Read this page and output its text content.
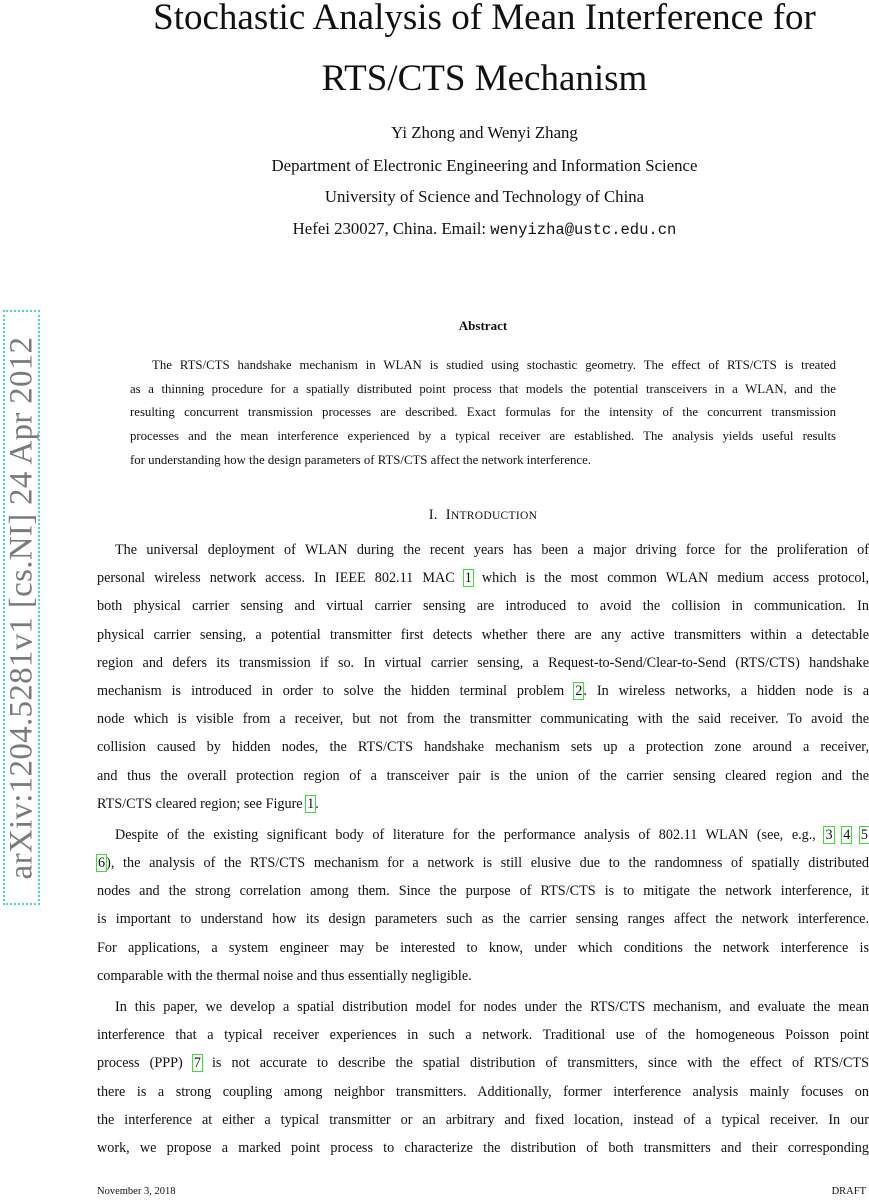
Stochastic Analysis of Mean Interference for
RTS/CTS Mechanism
Yi Zhong and Wenyi Zhang
Department of Electronic Engineering and Information Science
University of Science and Technology of China
Hefei 230027, China. Email: wenyizha@ustc.edu.cn
arXiv:1204.5281v1 [cs.NI] 24 Apr 2012
Abstract
The RTS/CTS handshake mechanism in WLAN is studied using stochastic geometry. The effect of RTS/CTS is treated
as a thinning procedure for a spatially distributed point process that models the potential transceivers in a WLAN, and the
resulting concurrent transmission processes are described. Exact formulas for the intensity of the concurrent transmission
processes and the mean interference experienced by a typical receiver are established. The analysis yields useful results
for understanding how the design parameters of RTS/CTS affect the network interference.
I. INTRODUCTION
The universal deployment of WLAN during the recent years has been a major driving force for the proliferation of
personal wireless network access. In IEEE 802.11 MAC 1 which is the most common WLAN medium access protocol,
both physical carrier sensing and virtual carrier sensing are introduced to avoid the collision in communication. In
physical carrier sensing, a potential transmitter first detects whether there are any active transmitters within a detectable
region and defers its transmission if so. In virtual carrier sensing, a Request-to-Send/Clear-to-Send (RTS/CTS) handshake
mechanism is introduced in order to solve the hidden terminal problem 2. In wireless networks, a hidden node is a
node which is visible from a receiver, but not from the transmitter communicating with the said receiver. To avoid the
collision caused by hidden nodes, the RTS/CTS handshake mechanism sets up a protection zone around a receiver,
and thus the overall protection region of a transceiver pair is the union of the carrier sensing cleared region and the
RTS/CTS cleared region; see Figure 1.
Despite of the existing significant body of literature for the performance analysis of 802.11 WLAN (see, e.g., 3 4 5
6), the analysis of the RTS/CTS mechanism for a network is still elusive due to the randomness of spatially distributed
nodes and the strong correlation among them. Since the purpose of RTS/CTS is to mitigate the network interference, it
is important to understand how its design parameters such as the carrier sensing ranges affect the network interference.
For applications, a system engineer may be interested to know, under which conditions the network interference is
comparable with the thermal noise and thus essentially negligible.
In this paper, we develop a spatial distribution model for nodes under the RTS/CTS mechanism, and evaluate the mean
interference that a typical receiver experiences in such a network. Traditional use of the homogeneous Poisson point
process (PPP) 7 is not accurate to describe the spatial distribution of transmitters, since with the effect of RTS/CTS
there is a strong coupling among neighbor transmitters. Additionally, former interference analysis mainly focuses on
the interference at either a typical transmitter or an arbitrary and fixed location, instead of a typical receiver. In our
work, we propose a marked point process to characterize the distribution of both transmitters and their corresponding
November 3, 2018	DRAFT
